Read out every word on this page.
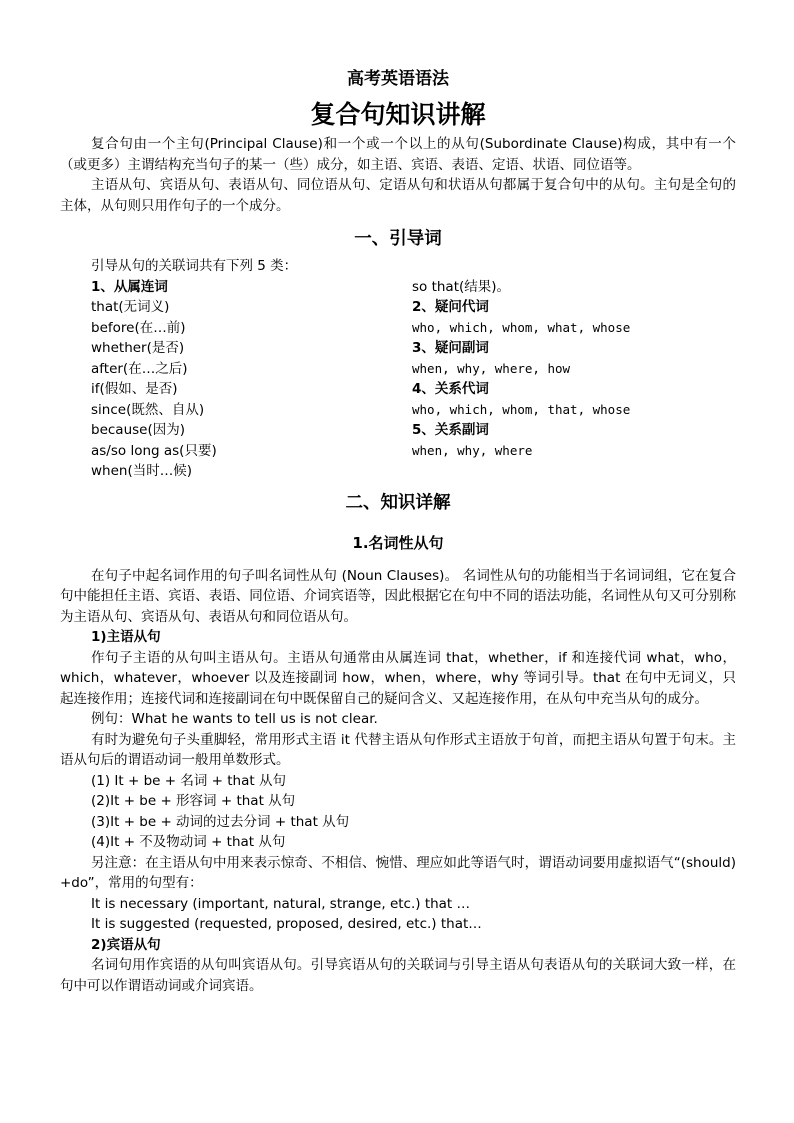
高考英语语法
复合句知识讲解

复合句由一个主句(Principal Clause)和一个或一个以上的从句(Subordinate Clause)构成，其中有一个（或更多）主谓结构充当句子的某一（些）成分，如主语、宾语、表语、定语、状语、同位语等。

主语从句、宾语从句、表语从句、同位语从句、定语从句和状语从句都属于复合句中的从句。主句是全句的主体，从句则只用作句子的一个成分。

一、引导词
引导从句的关联词共有下列 5 类：
1、从属连词
that(无词义)
before(在…前)
whether(是否)
after(在…之后)
if(假如、是否)
since(既然、自从)
because(因为)
as/so long as(只要)
when(当时…候)
so that(结果)。
2、疑问代词
who, which, whom, what, whose
3、疑问副词
when, why, where, how
4、关系代词
who, which, whom, that, whose
5、关系副词
when, why, where
二、知识详解
1.名词性从句

在句子中起名词作用的句子叫名词性从句 (Noun Clauses)。 名词性从句的功能相当于名词词组，它在复合句中能担任主语、宾语、表语、同位语、介词宾语等，因此根据它在句中不同的语法功能，名词性从句又可分别称为主语从句、宾语从句、表语从句和同位语从句。

1)主语从句

作句子主语的从句叫主语从句。主语从句通常由从属连词 that，whether，if 和连接代词 what，who，which，whatever，whoever 以及连接副词 how，when，where，why 等词引导。that 在句中无词义，只起连接作用；连接代词和连接副词在句中既保留自己的疑问含义、又起连接作用，在从句中充当从句的成分。

例句：What he wants to tell us is not clear.

有时为避免句子头重脚轻，常用形式主语 it 代替主语从句作形式主语放于句首，而把主语从句置于句末。主语从句后的谓语动词一般用单数形式。

(1) It + be + 名词 + that 从句
(2)It + be + 形容词 + that 从句
(3)It + be + 动词的过去分词 + that 从句
(4)It + 不及物动词 + that 从句

另注意：在主语从句中用来表示惊奇、不相信、惋惜、理应如此等语气时，谓语动词要用虚拟语气“(should) +do”，常用的句型有：

It is necessary (important, natural, strange, etc.) that …
It is suggested (requested, proposed, desired, etc.) that…
2)宾语从句

名词句用作宾语的从句叫宾语从句。引导宾语从句的关联词与引导主语从句表语从句的关联词大致一样，在句中可以作谓语动词或介词宾语。
